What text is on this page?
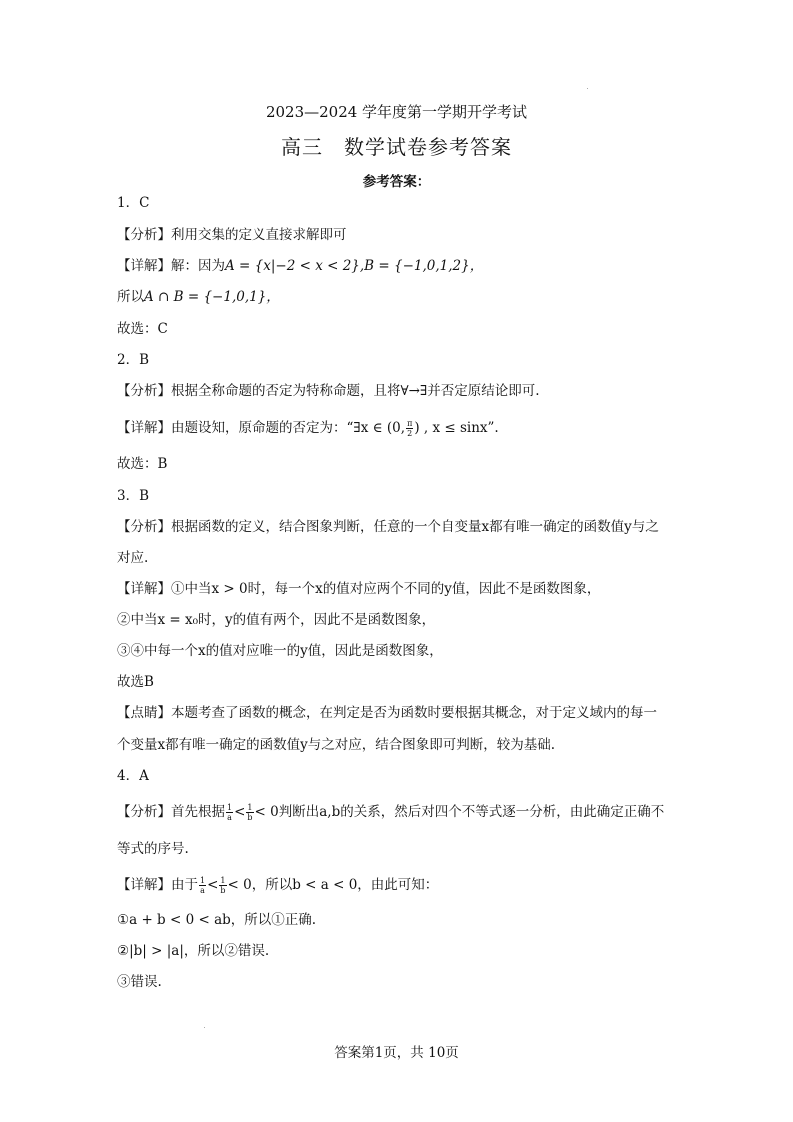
2023—2024 学年度第一学期开学考试
高三　数学试卷参考答案
参考答案：
1．C
【分析】利用交集的定义直接求解即可
【详解】解：因为A = {x|−2 < x < 2},B = {−1,0,1,2}，
所以A ∩ B = {−1,0,1}，
故选：C
2．B
【分析】根据全称命题的否定为特称命题，且将∀→∃并否定原结论即可.
【详解】由题设知，原命题的否定为：“∃x ∈ (0, $\frac{\pi}{2}$ ) , x ≤ sinx”.
故选：B
3．B
【分析】根据函数的定义，结合图象判断，任意的一个自变量x都有唯一确定的函数值y与之
对应.
【详解】①中当x > 0时，每一个x的值对应两个不同的y值，因此不是函数图象，
②中当x = x₀时，y的值有两个，因此不是函数图象，
③④中每一个x的值对应唯一的y值，因此是函数图象，
故选B
【点睛】本题考查了函数的概念，在判定是否为函数时要根据其概念，对于定义域内的每一
个变量x都有唯一确定的函数值y与之对应，结合图象即可判断，较为基础.
4．A
【分析】首先根据 $\frac{1}{a} < \frac{1}{b} < 0$判断出a,b的关系，然后对四个不等式逐一分析，由此确定正确不
等式的序号.
【详解】由于 $\frac{1}{a} < \frac{1}{b} < 0$，所以b < a < 0，由此可知：
①a + b < 0 < ab，所以①正确.
②|b| > |a|，所以②错误.
③错误.
答案第1页，共 10页
